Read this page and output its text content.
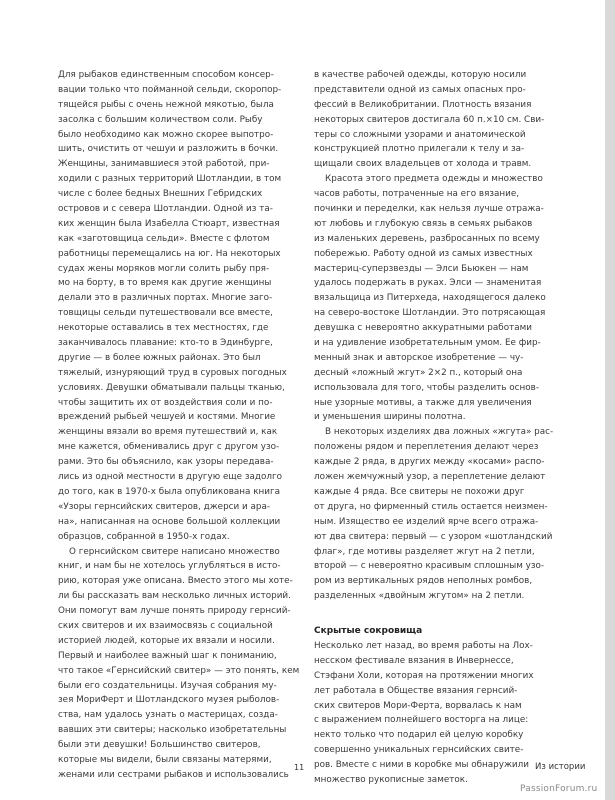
Для рыбаков единственным способом консер-
вации только что пойманной сельди, скоропор-
тящейся рыбы с очень нежной мякотью, была
засолка с большим количеством соли. Рыбу
было необходимо как можно скорее выпотро-
шить, очистить от чешуи и разложить в бочки.
Женщины, занимавшиеся этой работой, при-
ходили с разных территорий Шотландии, в том
числе с более бедных Внешних Гебридских
островов и с севера Шотландии. Одной из та-
ких женщин была Изабелла Стюарт, известная
как «заготовщица сельди». Вместе с флотом
работницы перемещались на юг. На некоторых
судах жены моряков могли солить рыбу пря-
мо на борту, в то время как другие женщины
делали это в различных портах. Многие заго-
товщицы сельди путешествовали все вместе,
некоторые оставались в тех местностях, где
заканчивалось плавание: кто-то в Эдинбурге,
другие — в более южных районах. Это был
тяжелый, изнуряющий труд в суровых погодных
условиях. Девушки обматывали пальцы тканью,
чтобы защитить их от воздействия соли и по-
вреждений рыбьей чешуей и костями. Многие
женщины вязали во время путешествий и, как
мне кажется, обменивались друг с другом узо-
рами. Это бы объяснило, как узоры передава-
лись из одной местности в другую еще задолго
до того, как в 1970-х была опубликована книга
«Узоры гернсийских свитеров, джерси и ара-
на», написанная на основе большой коллекции
образцов, собранной в 1950-х годах.
О гернсийском свитере написано множество
книг, и нам бы не хотелось углубляться в исто-
рию, которая уже описана. Вместо этого мы хоте-
ли бы рассказать вам несколько личных историй.
Они помогут вам лучше понять природу гернсий-
ских свитеров и их взаимосвязь с социальной
историей людей, которые их вязали и носили.
Первый и наиболее важный шаг к пониманию,
что такое «Гернсийский свитер» — это понять, кем
были его создательницы. Изучая собрания му-
зея МориФерт и Шотландского музея рыболов-
ства, нам удалось узнать о мастерицах, созда-
вавших эти свитеры; насколько изобретательны
были эти девушки! Большинство свитеров,
которые мы видели, были связаны матерями,
женами или сестрами рыбаков и использовались
в качестве рабочей одежды, которую носили
представители одной из самых опасных про-
фессий в Великобритании. Плотность вязания
некоторых свитеров достигала 60 п.×10 см. Сви-
теры со сложными узорами и анатомической
конструкцией плотно прилегали к телу и за-
щищали своих владельцев от холода и травм.
Красота этого предмета одежды и множество
часов работы, потраченные на его вязание,
починки и переделки, как нельзя лучше отража-
ют любовь и глубокую связь в семьях рыбаков
из маленьких деревень, разбросанных по всему
побережью. Работу одной из самых известных
мастериц-суперзвезды — Элси Бьюкен — нам
удалось подержать в руках. Элси — знаменитая
вязальщица из Питерхеда, находящегося далеко
на северо-востоке Шотландии. Это потрясающая
девушка с невероятно аккуратными работами
и на удивление изобретательным умом. Ее фир-
менный знак и авторское изобретение — чу-
десный «ложный жгут» 2×2 п., который она
использовала для того, чтобы разделить основ-
ные узорные мотивы, а также для увеличения
и уменьшения ширины полотна.
В некоторых изделиях два ложных «жгута» рас-
положены рядом и переплетения делают через
каждые 2 ряда, в других между «косами» распо-
ложен жемчужный узор, а переплетение делают
каждые 4 ряда. Все свитеры не похожи друг
от друга, но фирменный стиль остается неизмен-
ным. Изящество ее изделий ярче всего отража-
ют два свитера: первый — с узором «шотландский
флаг», где мотивы разделяет жгут на 2 петли,
второй — с невероятно красивым сплошным узо-
ром из вертикальных рядов неполных ромбов,
разделенных «двойным жгутом» на 2 петли.
Скрытые сокровища
Несколько лет назад, во время работы на Лох-
несском фестивале вязания в Инвернессе,
Стэфани Холи, которая на протяжении многих
лет работала в Обществе вязания гернсий-
ских свитеров Мори-Ферта, ворвалась к нам
с выражением полнейшего восторга на лице:
некто только что подарил ей целую коробку
совершенно уникальных гернсийских свите-
ров. Вместе с ними в коробке мы обнаружили
множество рукописные заметок.
11	Из истории
PassionForum.ru
